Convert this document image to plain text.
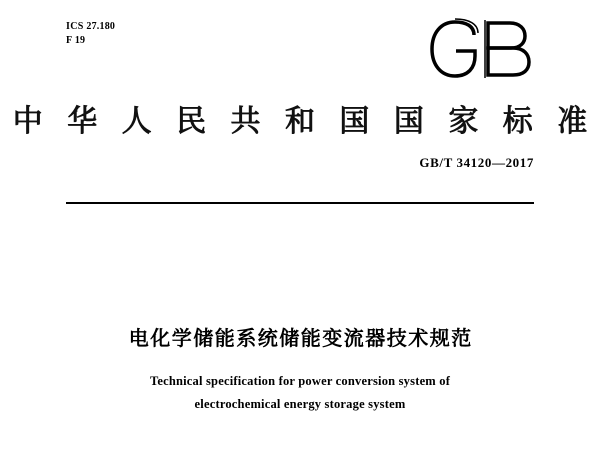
ICS 27.180
F 19
中 华 人 民 共 和 国 国 家 标 准
GB/T 34120—2017
电化学储能系统储能变流器技术规范
Technical specification for power conversion system of
electrochemical energy storage system
